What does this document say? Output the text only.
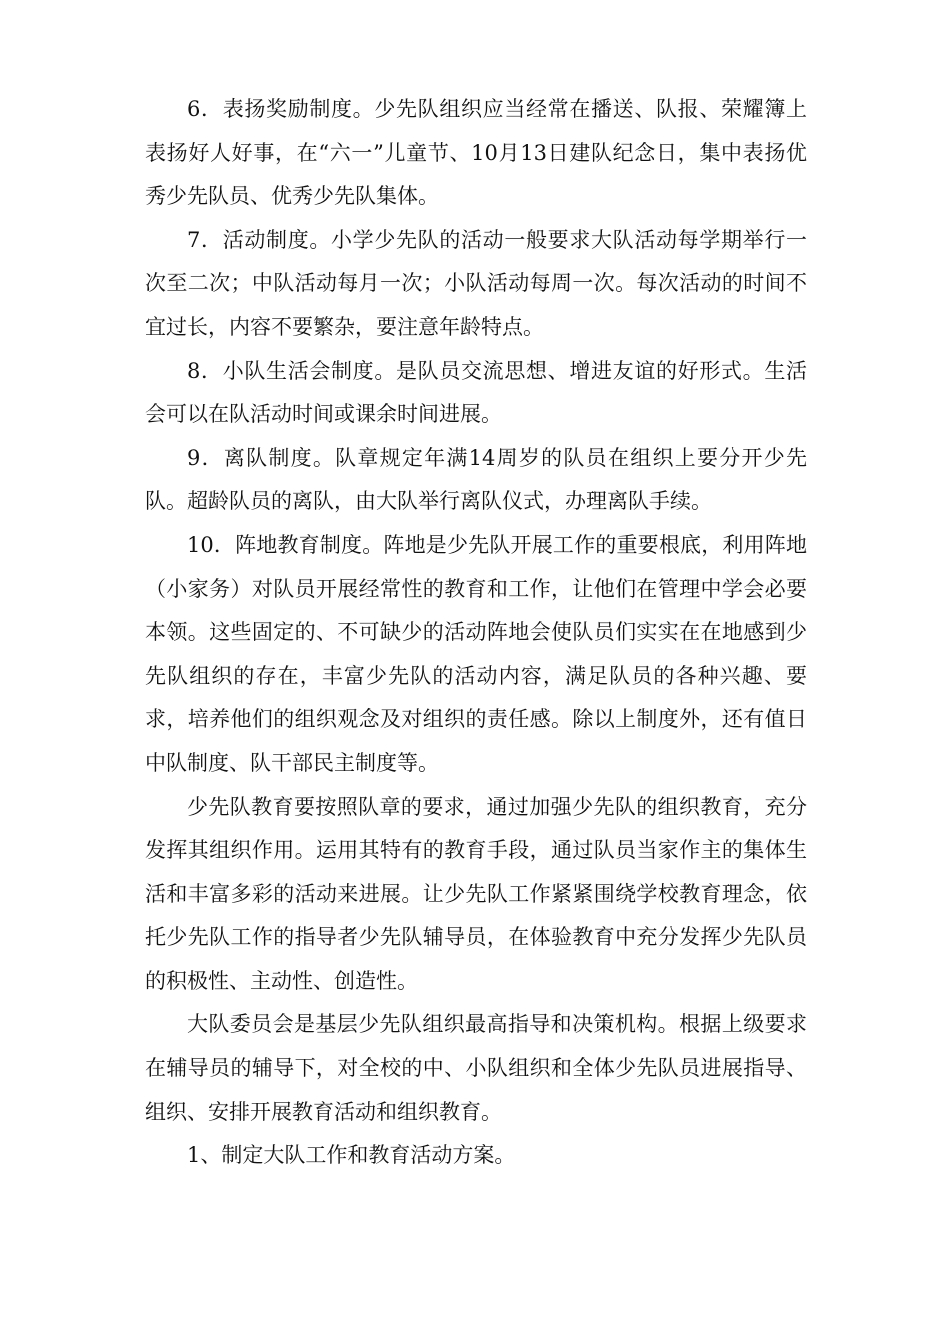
6．表扬奖励制度。少先队组织应当经常在播送、队报、荣耀簿上表扬好人好事，在“六一”儿童节、10月13日建队纪念日，集中表扬优秀少先队员、优秀少先队集体。

7．活动制度。小学少先队的活动一般要求大队活动每学期举行一次至二次；中队活动每月一次；小队活动每周一次。每次活动的时间不宜过长，内容不要繁杂，要注意年龄特点。

8．小队生活会制度。是队员交流思想、增进友谊的好形式。生活会可以在队活动时间或课余时间进展。

9．离队制度。队章规定年满14周岁的队员在组织上要分开少先队。超龄队员的离队，由大队举行离队仪式，办理离队手续。

10．阵地教育制度。阵地是少先队开展工作的重要根底，利用阵地（小家务）对队员开展经常性的教育和工作，让他们在管理中学会必要本领。这些固定的、不可缺少的活动阵地会使队员们实实在在地感到少先队组织的存在，丰富少先队的活动内容，满足队员的各种兴趣、要求，培养他们的组织观念及对组织的责任感。除以上制度外，还有值日中队制度、队干部民主制度等。

少先队教育要按照队章的要求，通过加强少先队的组织教育，充分发挥其组织作用。运用其特有的教育手段，通过队员当家作主的集体生活和丰富多彩的活动来进展。让少先队工作紧紧围绕学校教育理念，依托少先队工作的指导者少先队辅导员，在体验教育中充分发挥少先队员的积极性、主动性、创造性。

大队委员会是基层少先队组织最高指导和决策机构。根据上级要求在辅导员的辅导下，对全校的中、小队组织和全体少先队员进展指导、组织、安排开展教育活动和组织教育。

1、制定大队工作和教育活动方案。
